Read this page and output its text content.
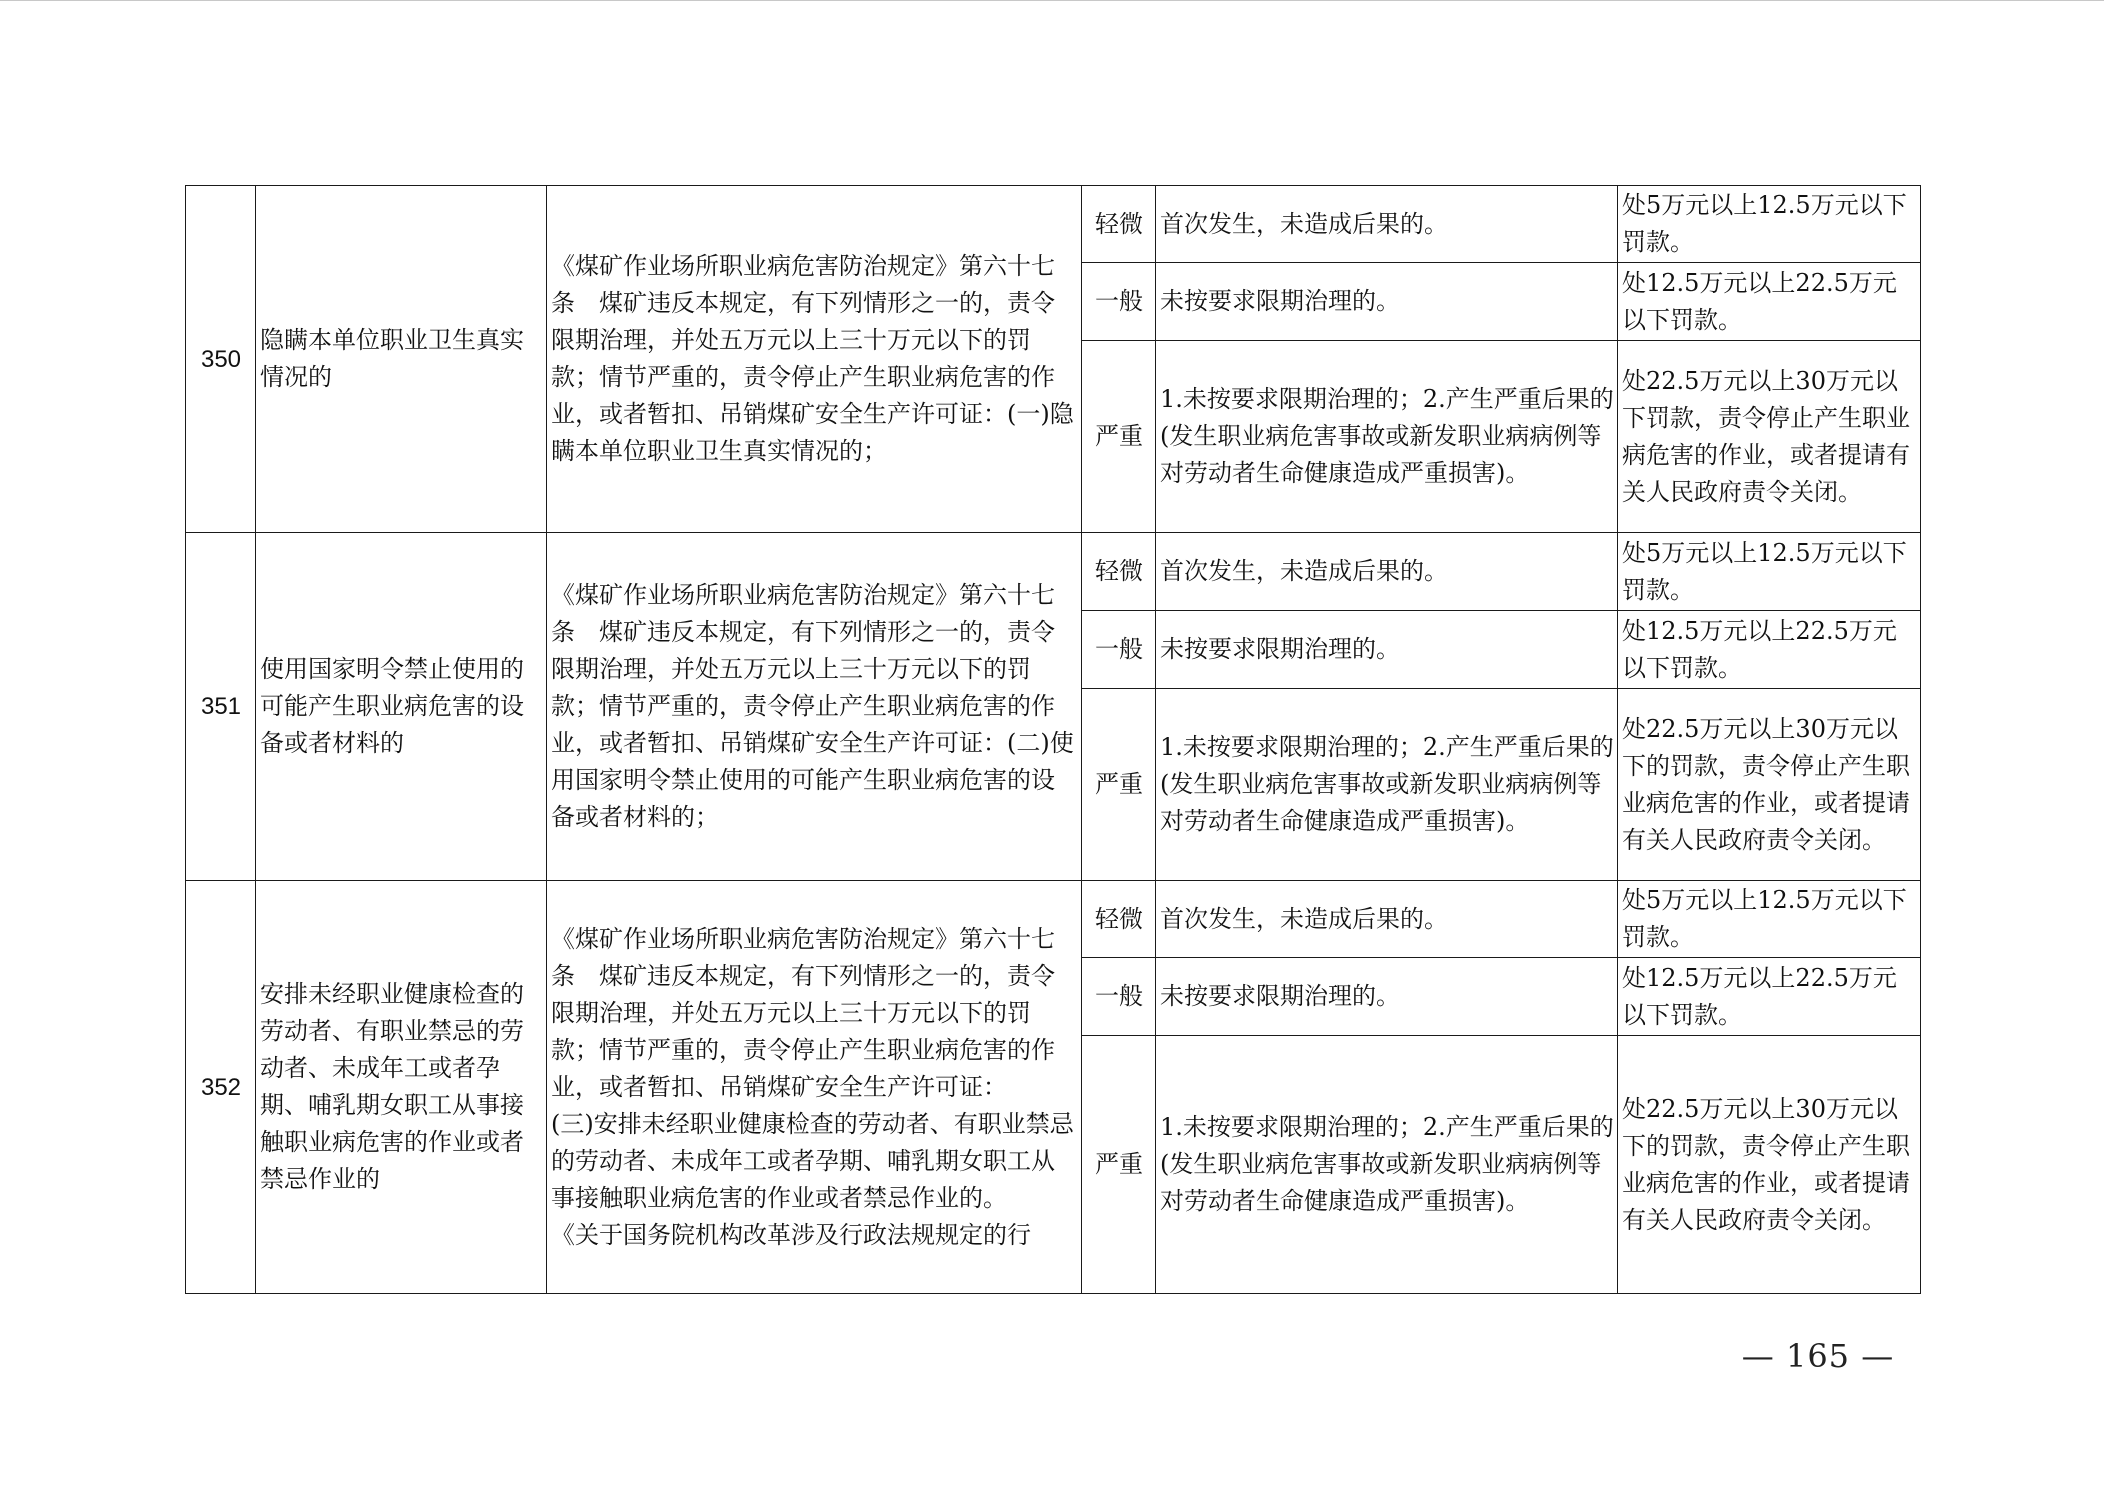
350	隐瞒本单位职业卫生真实情况的	《煤矿作业场所职业病危害防治规定》第六十七条　煤矿违反本规定，有下列情形之一的，责令限期治理，并处五万元以上三十万元以下的罚款；情节严重的，责令停止产生职业病危害的作业，或者暂扣、吊销煤矿安全生产许可证：(一)隐瞒本单位职业卫生真实情况的；	轻微	首次发生，未造成后果的。	处5万元以上12.5万元以下罚款。
			一般	未按要求限期治理的。	处12.5万元以上22.5万元以下罚款。
			严重	1.未按要求限期治理的；2.产生严重后果的(发生职业病危害事故或新发职业病病例等对劳动者生命健康造成严重损害)。	处22.5万元以上30万元以下罚款，责令停止产生职业病危害的作业，或者提请有关人民政府责令关闭。
351	使用国家明令禁止使用的可能产生职业病危害的设备或者材料的	《煤矿作业场所职业病危害防治规定》第六十七条　煤矿违反本规定，有下列情形之一的，责令限期治理，并处五万元以上三十万元以下的罚款；情节严重的，责令停止产生职业病危害的作业，或者暂扣、吊销煤矿安全生产许可证：(二)使用国家明令禁止使用的可能产生职业病危害的设备或者材料的；	轻微	首次发生，未造成后果的。	处5万元以上12.5万元以下罚款。
			一般	未按要求限期治理的。	处12.5万元以上22.5万元以下罚款。
			严重	1.未按要求限期治理的；2.产生严重后果的(发生职业病危害事故或新发职业病病例等对劳动者生命健康造成严重损害)。	处22.5万元以上30万元以下的罚款，责令停止产生职业病危害的作业，或者提请有关人民政府责令关闭。
352	安排未经职业健康检查的劳动者、有职业禁忌的劳动者、未成年工或者孕期、哺乳期女职工从事接触职业病危害的作业或者禁忌作业的	《煤矿作业场所职业病危害防治规定》第六十七条　煤矿违反本规定，有下列情形之一的，责令限期治理，并处五万元以上三十万元以下的罚款；情节严重的，责令停止产生职业病危害的作业，或者暂扣、吊销煤矿安全生产许可证：
(三)安排未经职业健康检查的劳动者、有职业禁忌的劳动者、未成年工或者孕期、哺乳期女职工从事接触职业病危害的作业或者禁忌作业的。
《关于国务院机构改革涉及行政法规规定的行	轻微	首次发生，未造成后果的。	处5万元以上12.5万元以下罚款。
			一般	未按要求限期治理的。	处12.5万元以上22.5万元以下罚款。
			严重	1.未按要求限期治理的；2.产生严重后果的(发生职业病危害事故或新发职业病病例等对劳动者生命健康造成严重损害)。	处22.5万元以上30万元以下的罚款，责令停止产生职业病危害的作业，或者提请有关人民政府责令关闭。
— 165 —
